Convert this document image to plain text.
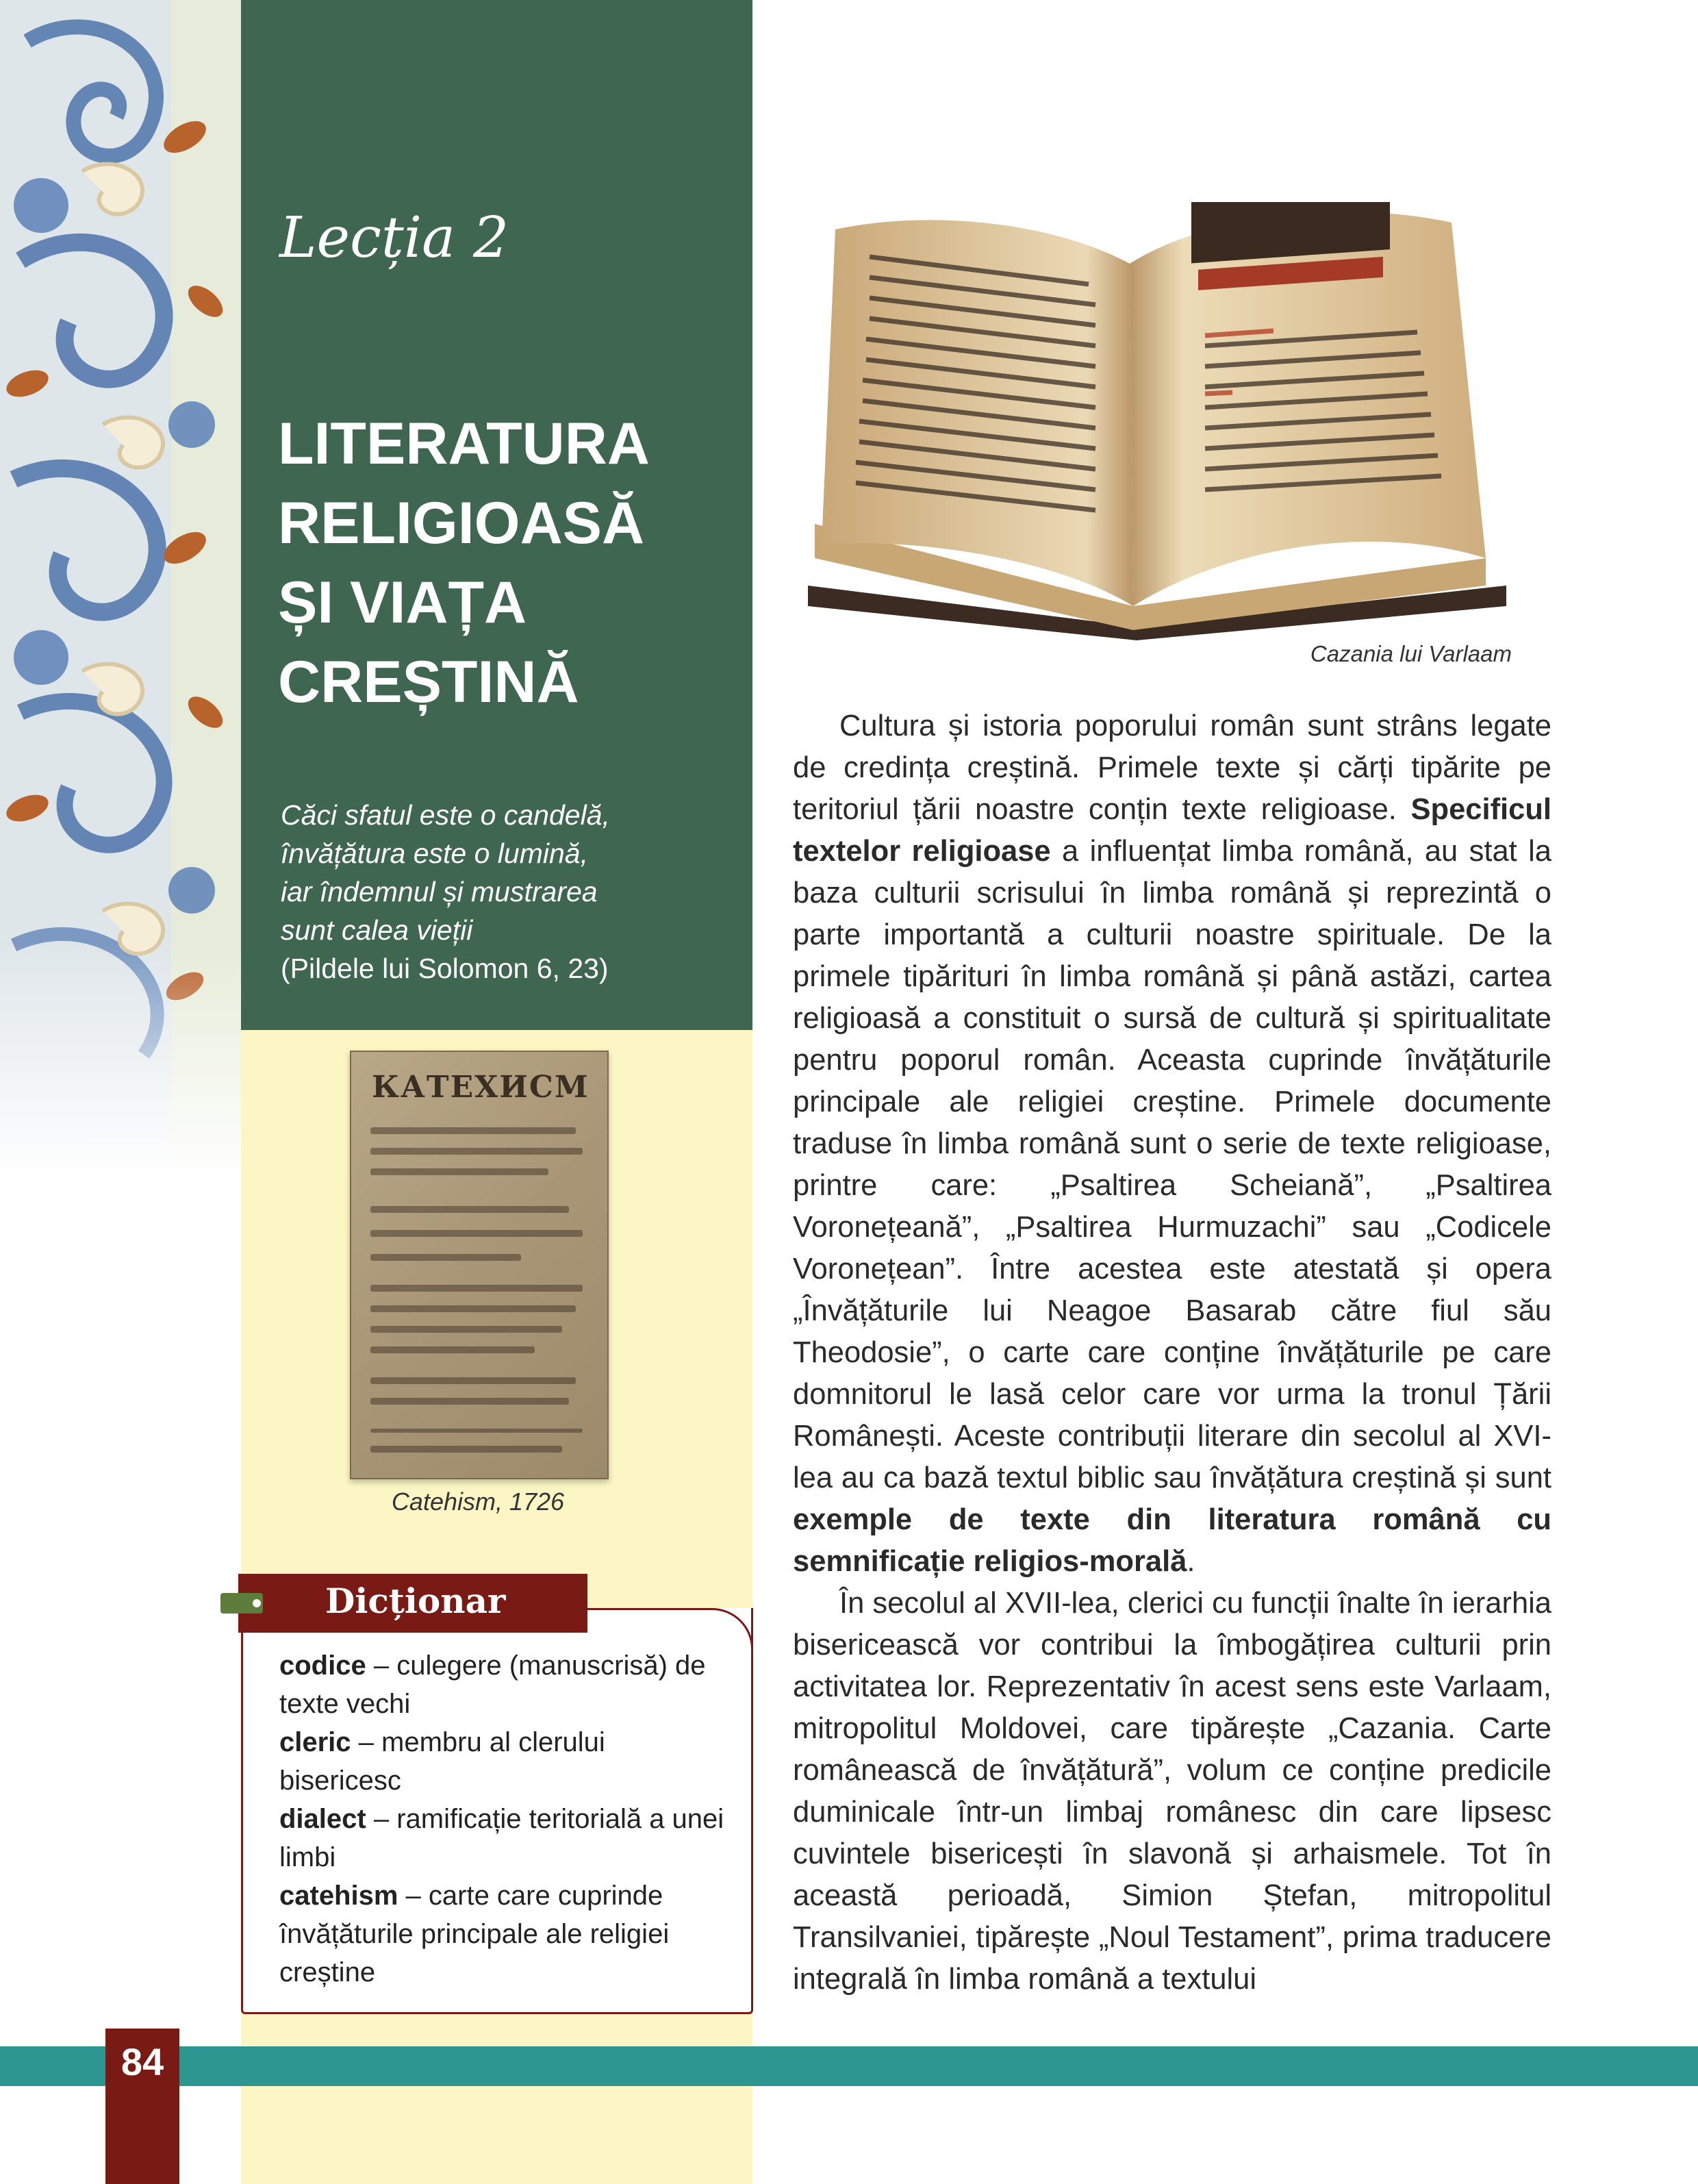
Lecția 2
LITERATURA
RELIGIOASĂ
ȘI VIAȚA
CREȘTINĂ
Căci sfatul este o candelă,
învățătura este o lumină,
iar îndemnul și mustrarea
sunt calea vieții
(Pildele lui Solomon 6, 23)
КАТЕХИСМ
Catehism, 1726
Dicționar
codice – culegere (manuscrisă) de texte vechi
cleric – membru al clerului bisericesc
dialect – ramificație teritorială a unei limbi
catehism – carte care cuprinde învățăturile principale ale religiei creștine
Cazania lui Varlaam

Cultura și istoria poporului român sunt strâns legate de credința creștină. Primele texte și cărți tipărite pe teritoriul țării noastre conțin texte religioase. Specificul textelor religioase a influențat limba română, au stat la baza culturii scrisului în limba română și reprezintă o parte importantă a culturii noastre spirituale. De la primele tipărituri în limba română și până astăzi, cartea religioasă a constituit o sursă de cultură și spiritualitate pentru poporul român. Aceasta cuprinde învățăturile principale ale religiei creștine. Primele documente traduse în limba română sunt o serie de texte religioase, printre care: „Psaltirea Scheiană”, „Psaltirea Voronețeană”, „Psaltirea Hurmuzachi” sau „Codicele Voronețean”. Între acestea este atestată și opera „Învățăturile lui Neagoe Basarab către fiul său Theodosie”, o carte care conține învățăturile pe care domnitorul le lasă celor care vor urma la tronul Țării Românești. Aceste contribuții literare din secolul al XVI-lea au ca bază textul biblic sau învățătura creștină și sunt exemple de texte din literatura română cu semnificație religios-morală.

În secolul al XVII-lea, clerici cu funcții înalte în ierarhia bisericească vor contribui la îmbogățirea culturii prin activitatea lor. Reprezentativ în acest sens este Varlaam, mitropolitul Moldovei, care tipărește „Cazania. Carte românească de învățătură”, volum ce conține predicile duminicale într-un limbaj românesc din care lipsesc cuvintele bisericești în slavonă și arhaismele. Tot în această perioadă, Simion Ștefan, mitropolitul Transilvaniei, tipărește „Noul Testament”, prima traducere integrală în limba română a textului

84
